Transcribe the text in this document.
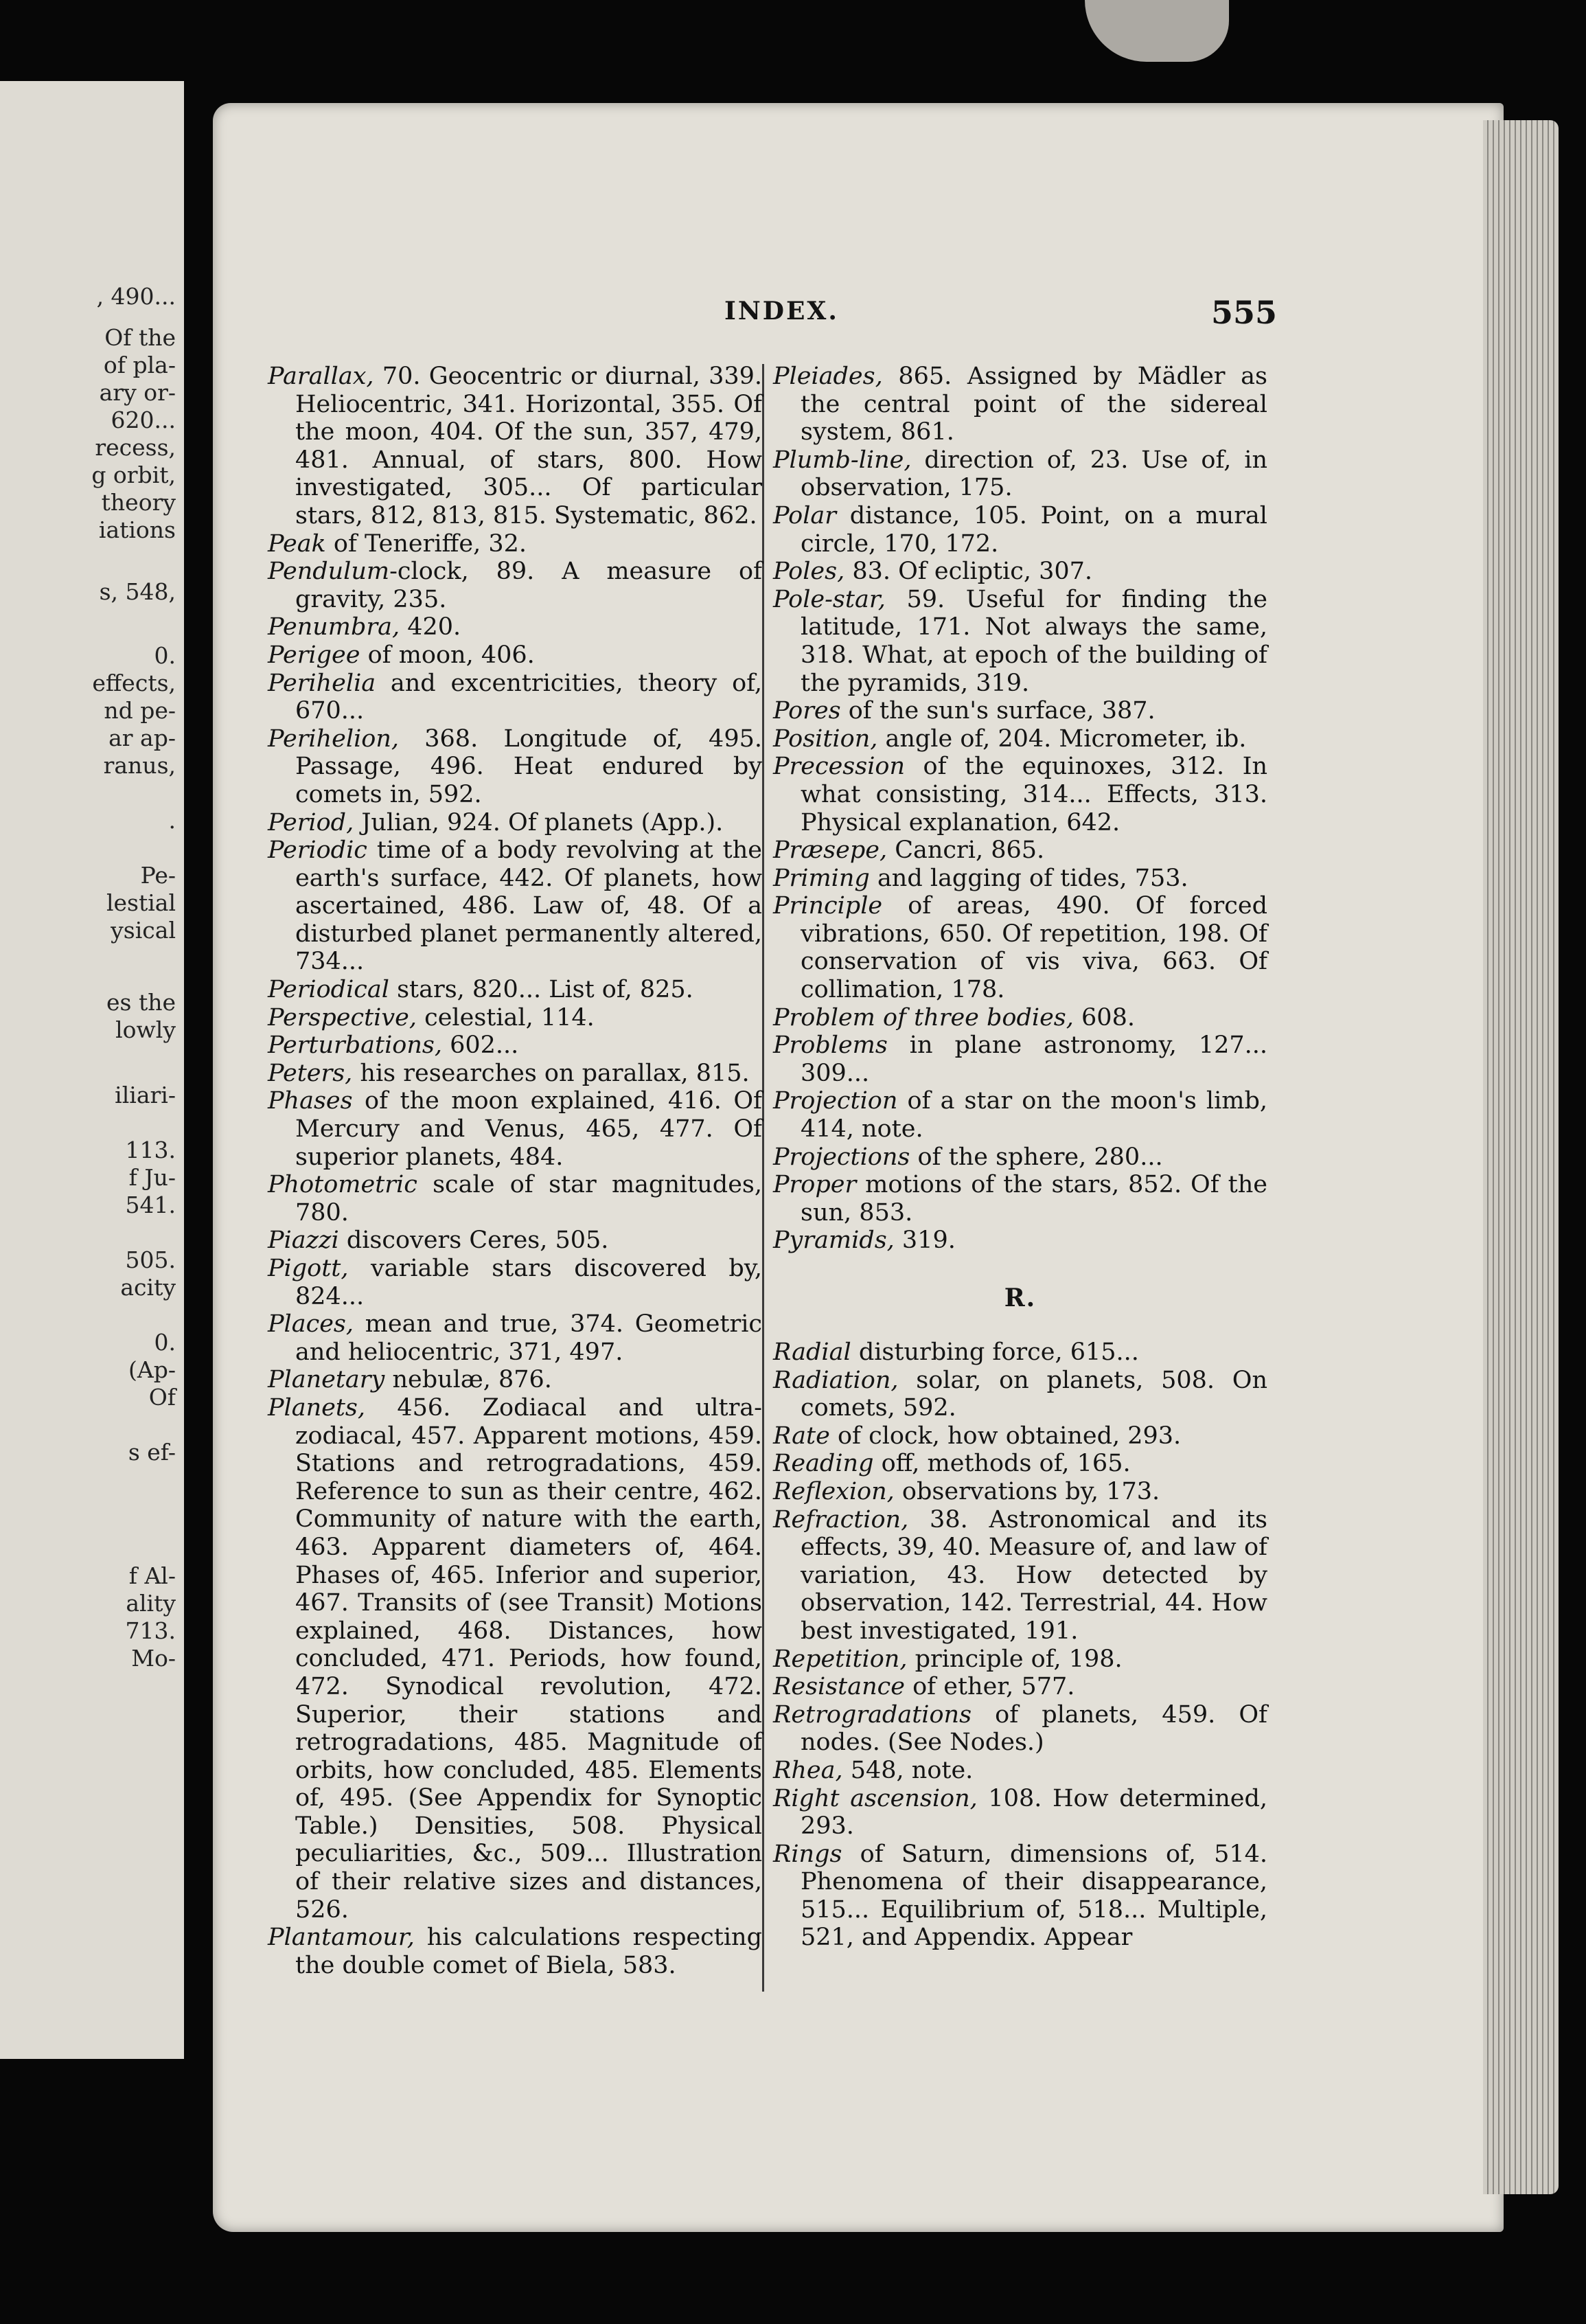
, 490...
Of the
of pla-
ary or-
620...
recess,
g orbit,
theory
iations
s, 548,
0.
effects,
nd pe-
ar ap-
ranus,
.
Pe-
lestial
ysical
es the
lowly
iliari-
113.
f Ju-
541.
505.
acity
0.
(Ap-
Of
s ef-
f Al-
ality
713.
Mo-
INDEX.	555
Parallax, 70. Geocentric or diurnal, 339. Heliocentric, 341. Horizontal, 355. Of the moon, 404. Of the sun, 357, 479, 481. Annual, of stars, 800. How investigated, 305... Of particular stars, 812, 813, 815. Systematic, 862.
Peak of Teneriffe, 32.
Pendulum-clock, 89. A measure of gravity, 235.
Penumbra, 420.
Perigee of moon, 406.
Perihelia and excentricities, theory of, 670...
Perihelion, 368. Longitude of, 495. Passage, 496. Heat endured by comets in, 592.
Period, Julian, 924. Of planets (App.).
Periodic time of a body revolving at the earth's surface, 442. Of planets, how ascertained, 486. Law of, 48. Of a disturbed planet permanently altered, 734...
Periodical stars, 820... List of, 825.
Perspective, celestial, 114.
Perturbations, 602...
Peters, his researches on parallax, 815.
Phases of the moon explained, 416. Of Mercury and Venus, 465, 477. Of superior planets, 484.
Photometric scale of star magnitudes, 780.
Piazzi discovers Ceres, 505.
Pigott, variable stars discovered by, 824...
Places, mean and true, 374. Geometric and heliocentric, 371, 497.
Planetary nebulæ, 876.
Planets, 456. Zodiacal and ultra-zodiacal, 457. Apparent motions, 459. Stations and retrogradations, 459. Reference to sun as their centre, 462. Community of nature with the earth, 463. Apparent diameters of, 464. Phases of, 465. Inferior and superior, 467. Transits of (see Transit) Motions explained, 468. Distances, how concluded, 471. Periods, how found, 472. Synodical revolution, 472. Superior, their stations and retrogradations, 485. Magnitude of orbits, how concluded, 485. Elements of, 495. (See Appendix for Synoptic Table.) Densities, 508. Physical peculiarities, &c., 509... Illustration of their relative sizes and distances, 526.
Plantamour, his calculations respecting the double comet of Biela, 583.
Pleiades, 865. Assigned by Mädler as the central point of the sidereal system, 861.
Plumb-line, direction of, 23. Use of, in observation, 175.
Polar distance, 105. Point, on a mural circle, 170, 172.
Poles, 83. Of ecliptic, 307.
Pole-star, 59. Useful for finding the latitude, 171. Not always the same, 318. What, at epoch of the building of the pyramids, 319.
Pores of the sun's surface, 387.
Position, angle of, 204. Micrometer, ib.
Precession of the equinoxes, 312. In what consisting, 314... Effects, 313. Physical explanation, 642.
Præsepe, Cancri, 865.
Priming and lagging of tides, 753.
Principle of areas, 490. Of forced vibrations, 650. Of repetition, 198. Of conservation of vis viva, 663. Of collimation, 178.
Problem of three bodies, 608.
Problems in plane astronomy, 127... 309...
Projection of a star on the moon's limb, 414, note.
Projections of the sphere, 280...
Proper motions of the stars, 852. Of the sun, 853.
Pyramids, 319.
R.
Radial disturbing force, 615...
Radiation, solar, on planets, 508. On comets, 592.
Rate of clock, how obtained, 293.
Reading off, methods of, 165.
Reflexion, observations by, 173.
Refraction, 38. Astronomical and its effects, 39, 40. Measure of, and law of variation, 43. How detected by observation, 142. Terrestrial, 44. How best investigated, 191.
Repetition, principle of, 198.
Resistance of ether, 577.
Retrogradations of planets, 459. Of nodes. (See Nodes.)
Rhea, 548, note.
Right ascension, 108. How determined, 293.
Rings of Saturn, dimensions of, 514. Phenomena of their disappearance, 515... Equilibrium of, 518... Multiple, 521, and Appendix. Appear
